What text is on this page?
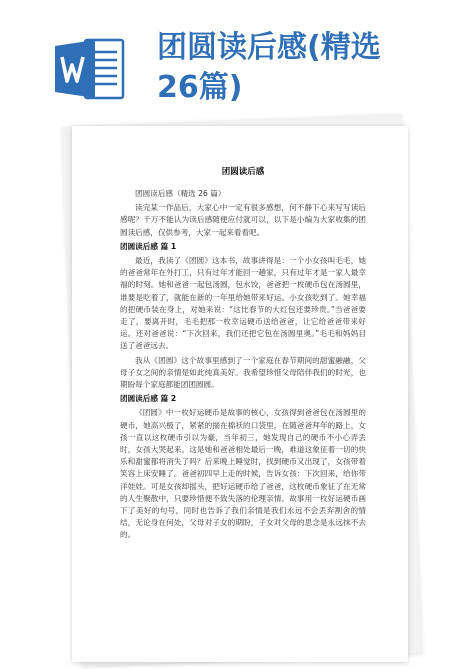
团圆读后感(精选
26篇)
团圆读后感

团圆读后感（精选 26 篇）

读完某一作品后，大家心中一定有很多感想，何不静下心来写写读后感呢？千万不能认为读后感随便应付就可以，以下是小编为大家收集的团圆读后感，仅供参考，大家一起来看看吧。

团圆读后感 篇 1

最近，我读了《团圆》这本书，故事讲得是：一个小女孩叫毛毛，她的爸爸常年在外打工，只有过年才能回一趟家，只有过年才是一家人最幸福的时刻。她和爸爸一起包汤圆，包水饺，爸爸把一枚硬币包在汤圆里，谁要是吃着了，就能在新的一年里给她带来好运。小女孩吃到了。她幸福的把硬币装在身上，对她来说：“这比春节的大红包还要珍贵。”当爸爸要走了，要离开时，毛毛把那一枚幸运硬币送给爸爸，让它给爸爸带来好运。还对爸爸说：“下次回来，我们还把它包在汤圆里奥。”毛毛和妈妈目送了爸爸远去。

我从《团圆》这个故事里感到了一个家庭在春节期间的甜蜜融融，父母子女之间的亲情是如此纯真美好。我希望珍惜父母陪伴我们的时光，也期盼每个家庭都能团团圆圆。

团圆读后感 篇 2

《团圆》中一枚好运硬币是故事的核心，女孩得到爸爸包在汤圆里的硬币，她高兴极了，紧紧的揣在棉袄的口袋里，在随爸爸拜年的路上，女孩一直以这枚硬币引以为豪，当年初三，她发现自己的硬币不小心弄丢时，女孩大哭起来。这是她和爸爸相处最后一晚，难道这象征着一切的快乐和甜蜜都将消失了吗？后来晚上睡觉时，找到硬币又出现了，女孩带着笑容上床安睡了。爸爸初四早上走的时候，告诉女孩：下次回来，给你带洋娃娃。可是女孩却摇头，把好运硬币给了爸爸，这枚硬币象征了在无常的人生聚散中，只要珍惜便不致失落的伦理亲情。故事用一枚好运硬币画下了美好的句号，同时也告诉了我们亲情是我们永远不会丢弃割舍的情结，无论身在何处，父母对子女的期盼，子女对父母的思念是永远抹不去的。
